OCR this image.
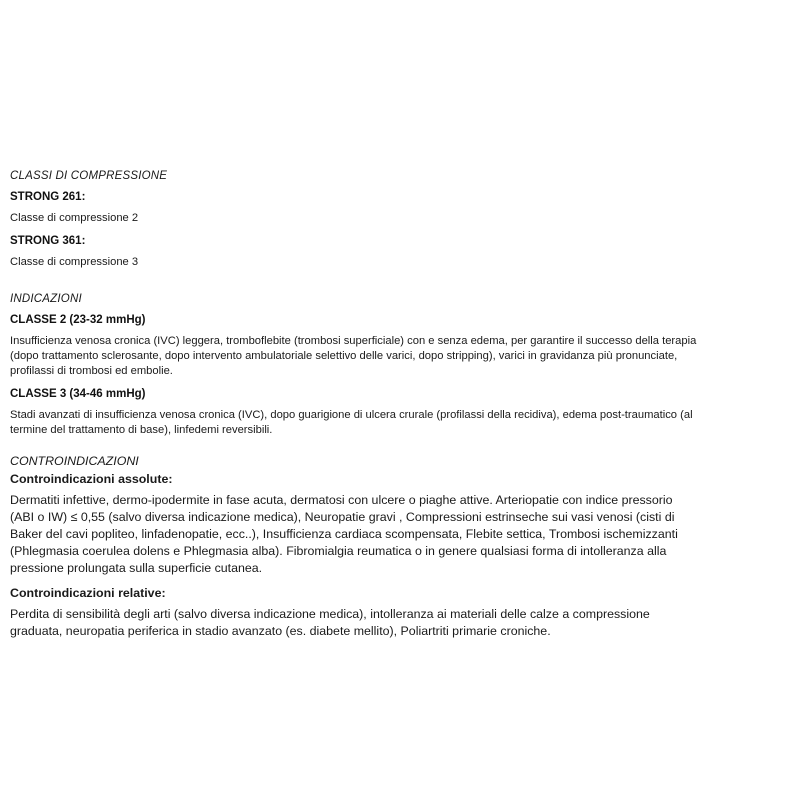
CLASSI DI COMPRESSIONE

STRONG 261:

Classe di compressione 2

STRONG 361:

Classe di compressione 3

INDICAZIONI

CLASSE 2 (23-32 mmHg)

Insufficienza venosa cronica (IVC) leggera, tromboflebite (trombosi superficiale) con e senza edema, per garantire il successo della terapia (dopo trattamento sclerosante, dopo intervento ambulatoriale selettivo delle varici, dopo stripping), varici in gravidanza più pronunciate, profilassi di trombosi ed embolie.

CLASSE 3 (34-46 mmHg)

Stadi avanzati di insufficienza venosa cronica (IVC), dopo guarigione di ulcera crurale (profilassi della recidiva), edema post-traumatico (al termine del trattamento di base), linfedemi reversibili.

CONTROINDICAZIONI

Controindicazioni assolute:

Dermatiti infettive, dermo-ipodermite in fase acuta, dermatosi con ulcere o piaghe attive. Arteriopatie con indice pressorio (ABI o IW) ≤ 0,55 (salvo diversa indicazione medica), Neuropatie gravi , Compressioni estrinseche sui vasi venosi (cisti di Baker del cavi popliteo, linfadenopatie, ecc..), Insufficienza cardiaca scompensata, Flebite settica, Trombosi ischemizzanti (Phlegmasia coerulea dolens e Phlegmasia alba). Fibromialgia reumatica o in genere qualsiasi forma di intolleranza alla pressione prolungata sulla superficie cutanea.

Controindicazioni relative:

Perdita di sensibilità degli arti (salvo diversa indicazione medica), intolleranza ai materiali delle calze a compressione graduata, neuropatia periferica in stadio avanzato (es. diabete mellito), Poliartriti primarie croniche.
